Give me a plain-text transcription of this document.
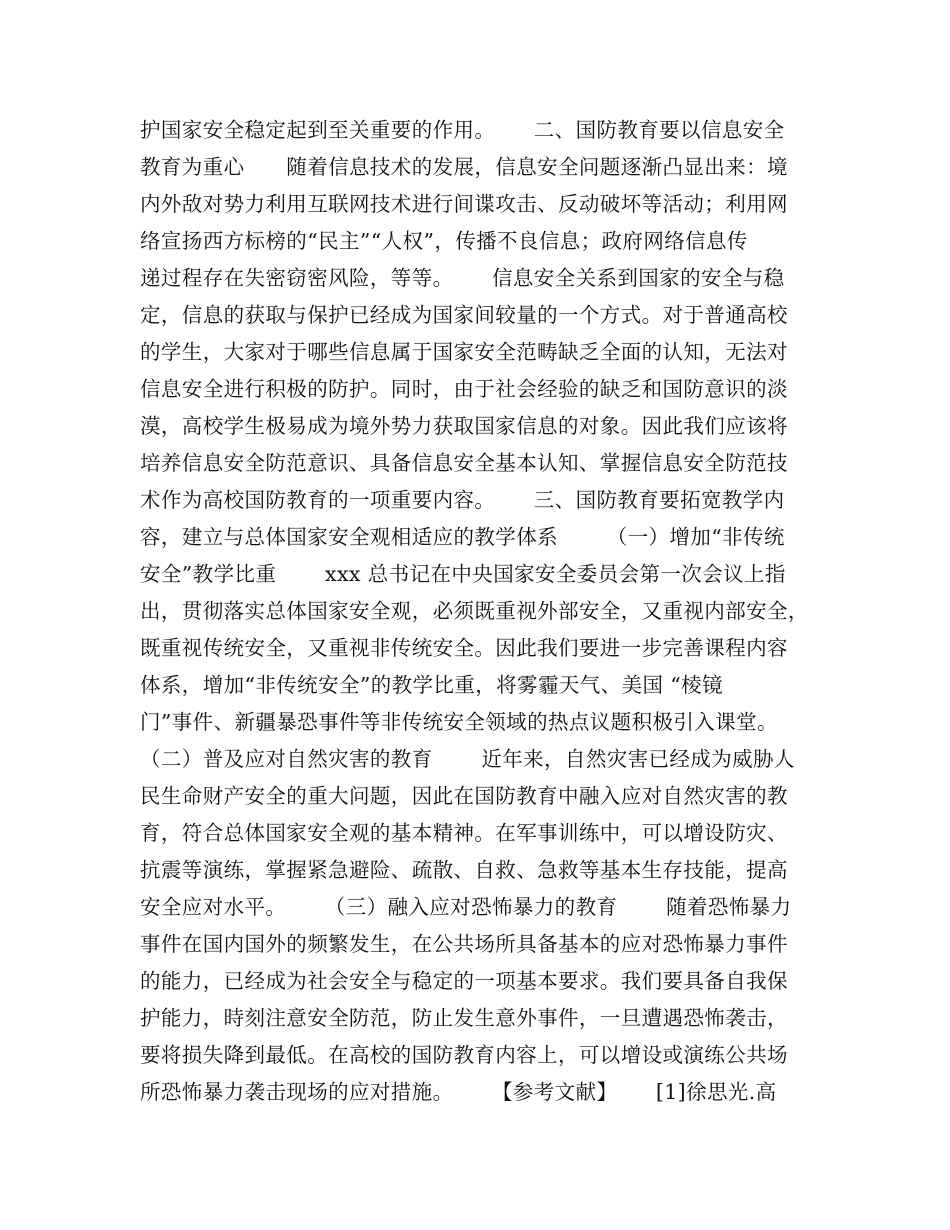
护国家安全稳定起到至关重要的作用。　　 二、国防教育要以信息安全
教育为重心　　随着信息技术的发展，信息安全问题逐渐凸显出来：境
内外敌对势力利用互联网技术进行间谍攻击、反动破坏等活动；利用网
络宣扬西方标榜的“民主”“人权”，传播不良信息；政府网络信息传
递过程存在失密窃密风险，等等。　　 信息安全关系到国家的安全与稳
定，信息的获取与保护已经成为国家间较量的一个方式。对于普通高校
的学生，大家对于哪些信息属于国家安全范畴缺乏全面的认知，无法对
信息安全进行积极的防护。同时，由于社会经验的缺乏和国防意识的淡
漠，高校学生极易成为境外势力获取国家信息的对象。因此我们应该将
培养信息安全防范意识、具备信息安全基本认知、掌握信息安全防范技
术作为高校国防教育的一项重要内容。　　 三、国防教育要拓宽教学内
容，建立与总体国家安全观相适应的教学体系　　 （一）增加“非传统
安全”教学比重　　 xxx 总书记在中央国家安全委员会第一次会议上指
出，贯彻落实总体国家安全观，必须既重视外部安全，又重视内部安全，
既重视传统安全，又重视非传统安全。因此我们要进一步完善课程内容
体系，增加“非传统安全”的教学比重，将雾霾天气、美国 “棱镜
门”事件、新疆暴恐事件等非传统安全领域的热点议题积极引入课堂。
（二）普及应对自然灾害的教育　　 近年来，自然灾害已经成为威胁人
民生命财产安全的重大问题，因此在国防教育中融入应对自然灾害的教
育，符合总体国家安全观的基本精神。在军事训练中，可以增设防灾、
抗震等演练，掌握紧急避险、疏散、自救、急救等基本生存技能，提高
安全应对水平。　　 （三）融入应对恐怖暴力的教育　　 随着恐怖暴力
事件在国内国外的频繁发生，在公共场所具备基本的应对恐怖暴力事件
的能力，已经成为社会安全与稳定的一项基本要求。我们要具备自我保
护能力，時刻注意安全防范，防止发生意外事件，一旦遭遇恐怖袭击，
要将损失降到最低。在高校的国防教育内容上，可以增设或演练公共场
所恐怖暴力袭击现场的应对措施。　　 【参考文献】　　 [1]徐思光.高
